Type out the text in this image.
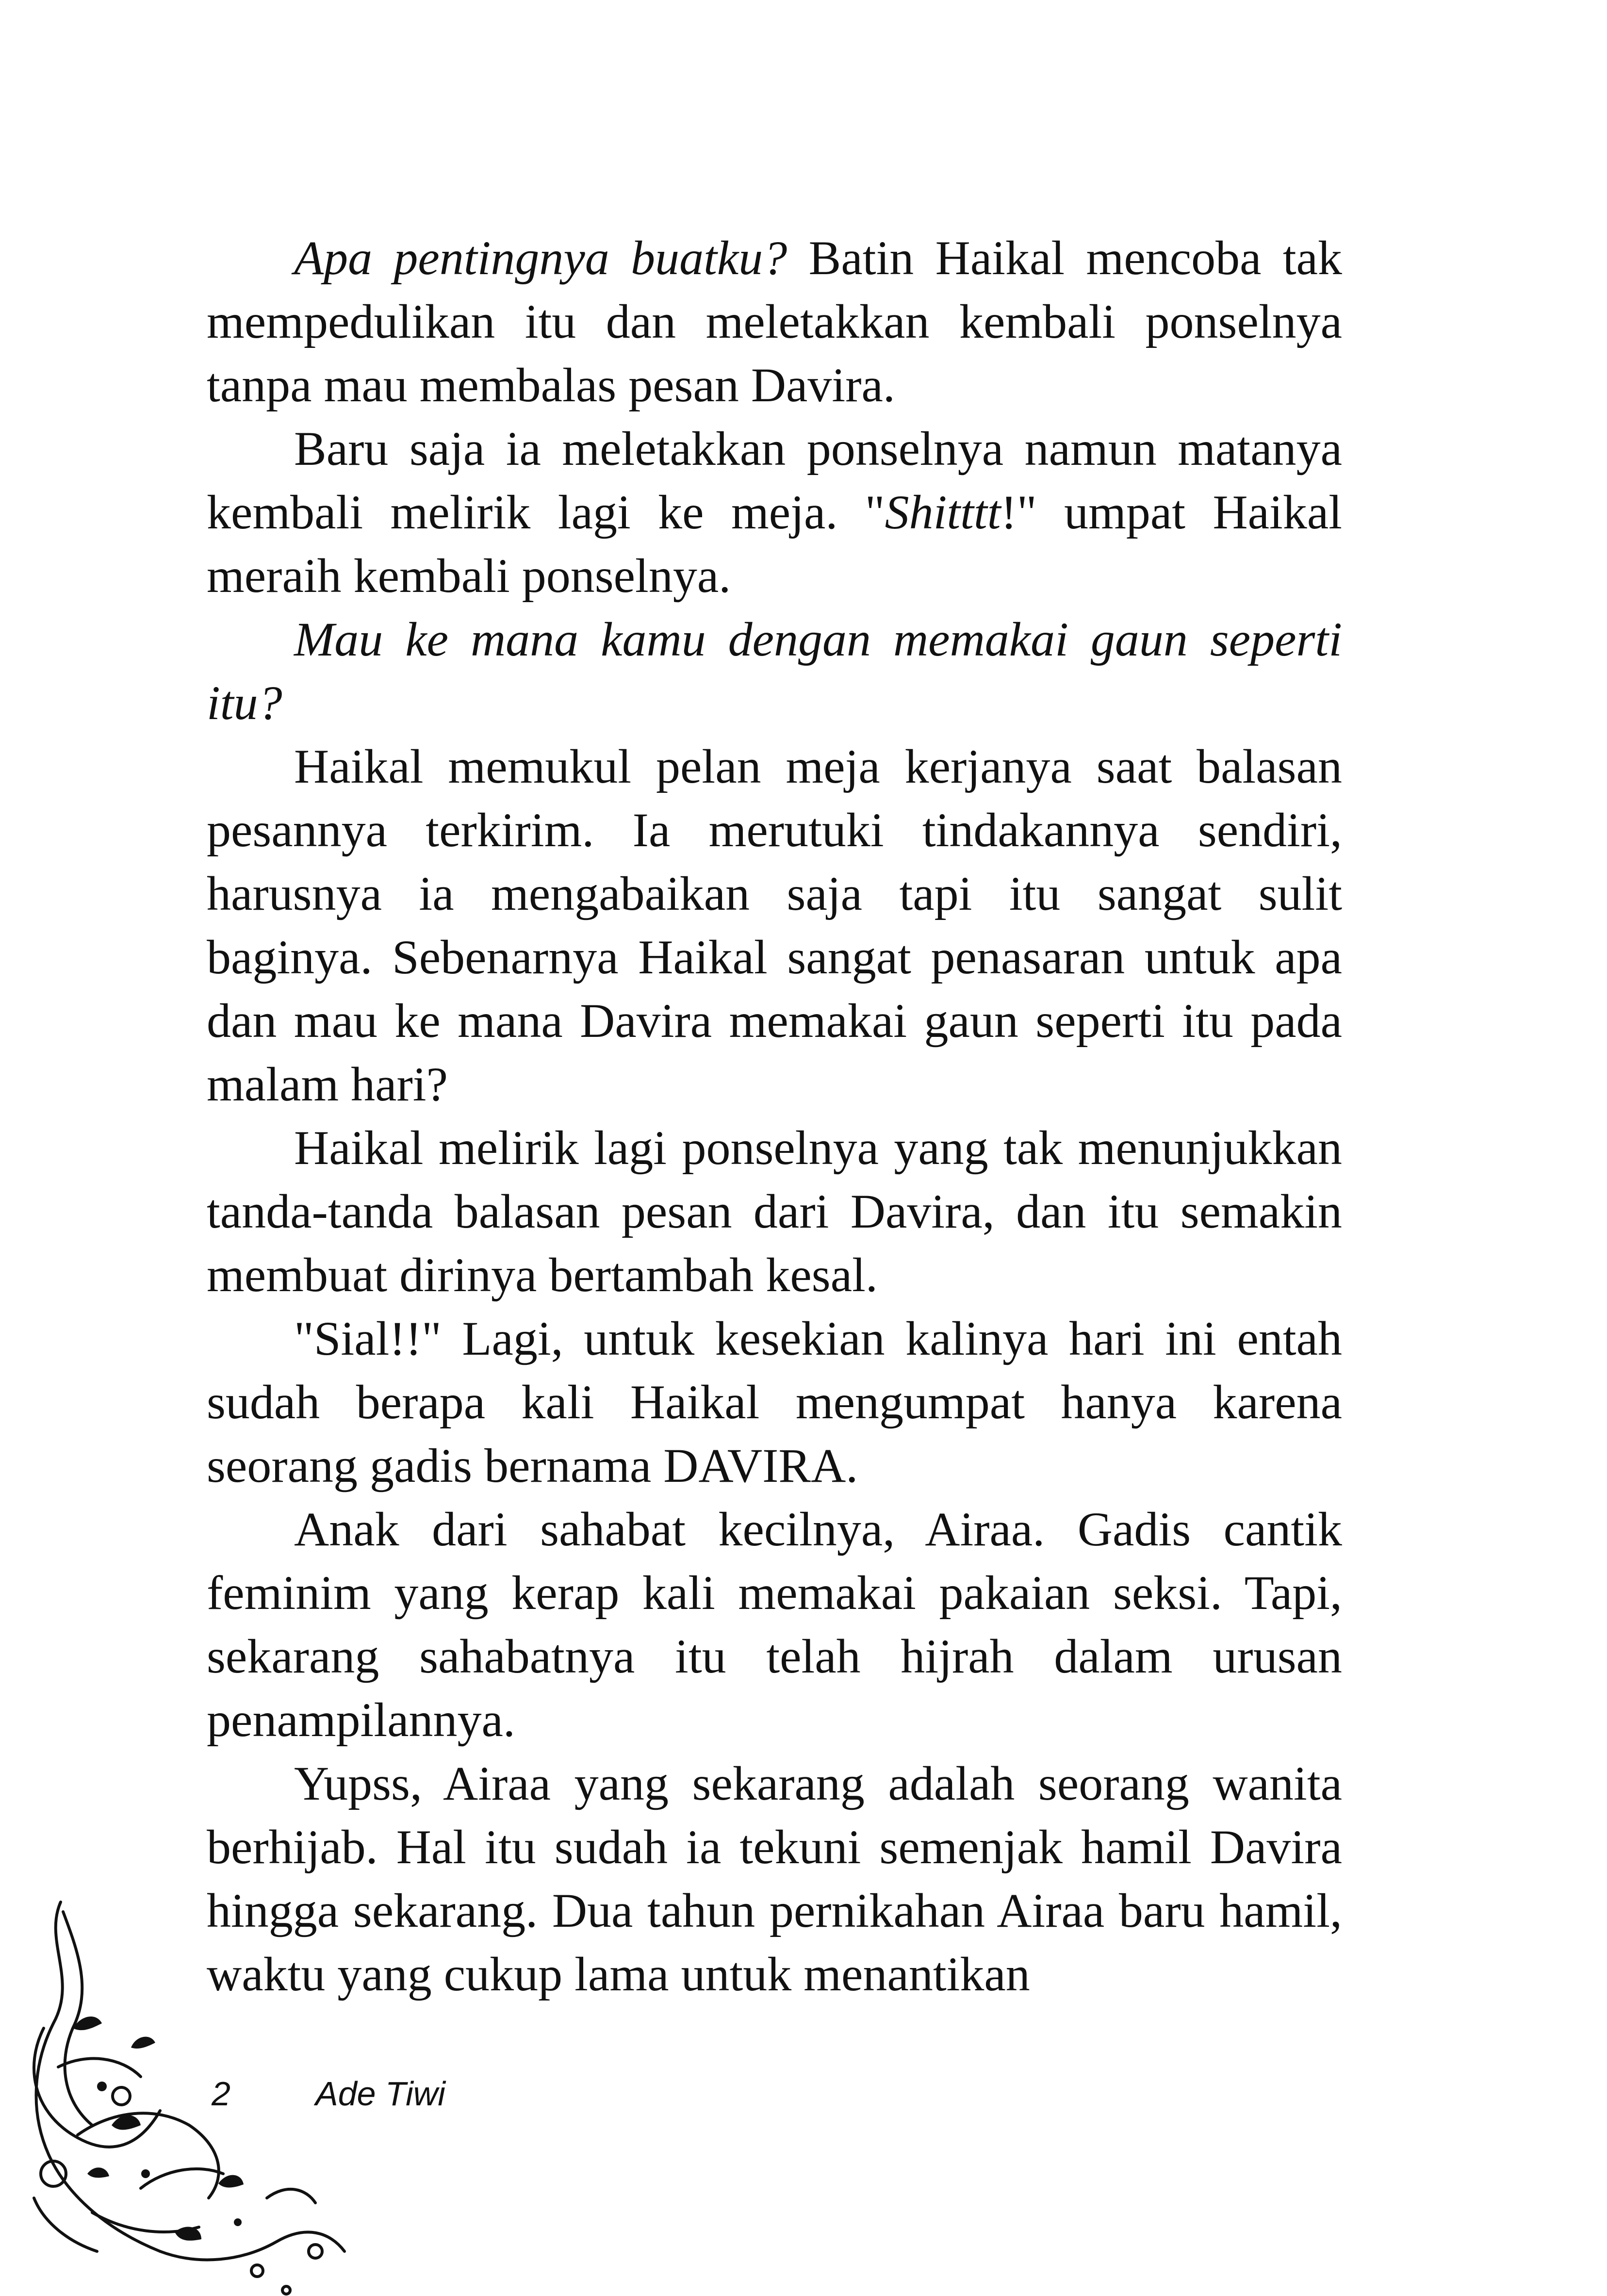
Apa pentingnya buatku? Batin Haikal mencoba tak mempedulikan itu dan meletakkan kembali ponselnya tanpa mau membalas pesan Davira.

Baru saja ia meletakkan ponselnya namun matanya kembali melirik lagi ke meja. "Shitttt!" umpat Haikal meraih kembali ponselnya.

Mau ke mana kamu dengan memakai gaun seperti itu?

Haikal memukul pelan meja kerjanya saat balasan pesannya terkirim. Ia merutuki tindakannya sendiri, harusnya ia mengabaikan saja tapi itu sangat sulit baginya. Sebenarnya Haikal sangat penasaran untuk apa dan mau ke mana Davira memakai gaun seperti itu pada malam hari?

Haikal melirik lagi ponselnya yang tak menunjukkan tanda-tanda balasan pesan dari Davira, dan itu semakin membuat dirinya bertambah kesal.

"Sial!!" Lagi, untuk kesekian kalinya hari ini entah sudah berapa kali Haikal mengumpat hanya karena seorang gadis bernama DAVIRA.

Anak dari sahabat kecilnya, Airaa. Gadis cantik feminim yang kerap kali memakai pakaian seksi. Tapi, sekarang sahabatnya itu telah hijrah dalam urusan penampilannya.

Yupss, Airaa yang sekarang adalah seorang wanita berhijab. Hal itu sudah ia tekuni semenjak hamil Davira hingga sekarang. Dua tahun pernikahan Airaa baru hamil, waktu yang cukup lama untuk menantikan

2	Ade Tiwi
